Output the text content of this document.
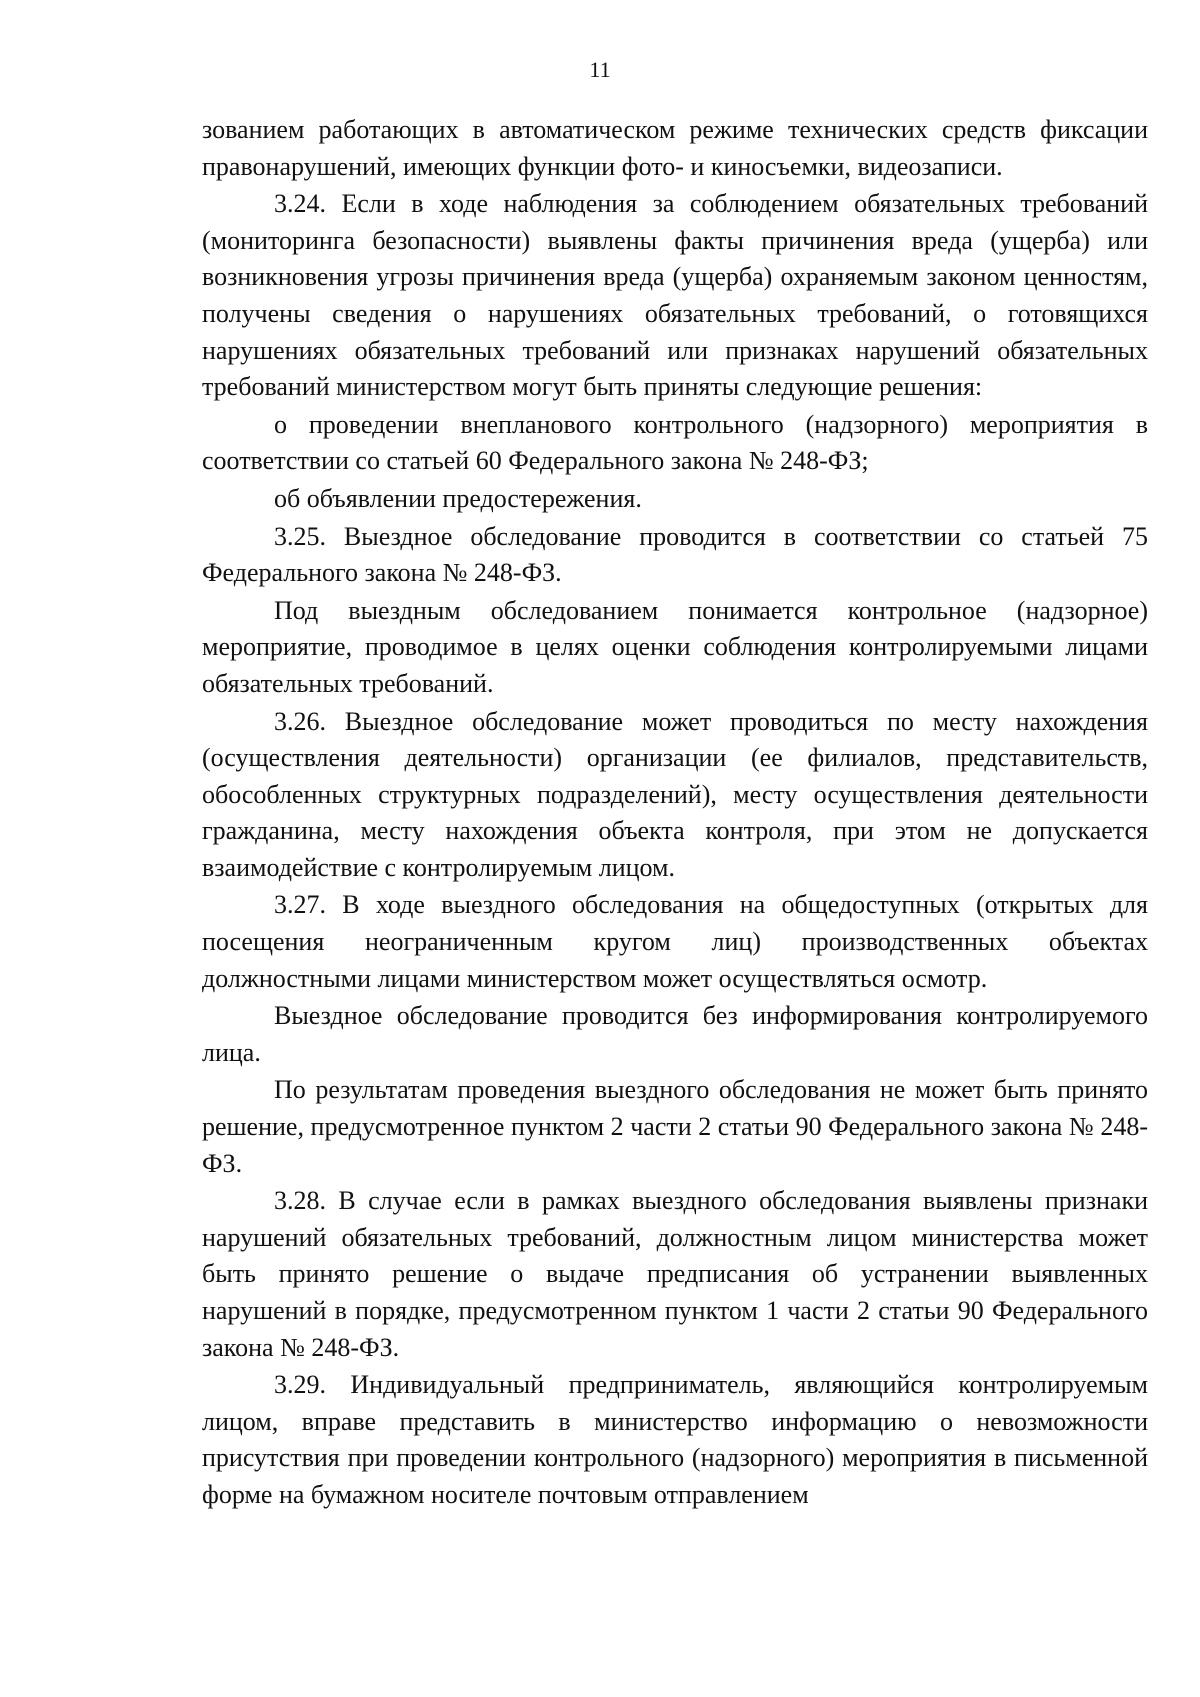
11

зованием работающих в автоматическом режиме технических средств фиксации правонарушений, имеющих функции фото- и киносъемки, видеозаписи.

3.24. Если в ходе наблюдения за соблюдением обязательных требований (мониторинга безопасности) выявлены факты причинения вреда (ущерба) или возникновения угрозы причинения вреда (ущерба) охраняемым законом ценностям, получены сведения о нарушениях обязательных требований, о готовящихся нарушениях обязательных требований или признаках нарушений обязательных требований министерством могут быть приняты следующие решения:

о проведении внепланового контрольного (надзорного) мероприятия в соответствии со статьей 60 Федерального закона № 248-ФЗ;

об объявлении предостережения.

3.25. Выездное обследование проводится в соответствии со статьей 75 Федерального закона № 248-ФЗ.

Под выездным обследованием понимается контрольное (надзорное) мероприятие, проводимое в целях оценки соблюдения контролируемыми лицами обязательных требований.

3.26. Выездное обследование может проводиться по месту нахождения (осуществления деятельности) организации (ее филиалов, представительств, обособленных структурных подразделений), месту осуществления деятельности гражданина, месту нахождения объекта контроля, при этом не допускается взаимодействие с контролируемым лицом.

3.27. В ходе выездного обследования на общедоступных (открытых для посещения неограниченным кругом лиц) производственных объектах должностными лицами министерством может осуществляться осмотр.

Выездное обследование проводится без информирования контролируемого лица.

По результатам проведения выездного обследования не может быть принято решение, предусмотренное пунктом 2 части 2 статьи 90 Федерального закона № 248-ФЗ.

3.28. В случае если в рамках выездного обследования выявлены признаки нарушений обязательных требований, должностным лицом министерства может быть принято решение о выдаче предписания об устранении выявленных нарушений в порядке, предусмотренном пунктом 1 части 2 статьи 90 Федерального закона № 248-ФЗ.

3.29. Индивидуальный предприниматель, являющийся контролируемым лицом, вправе представить в министерство информацию о невозможности присутствия при проведении контрольного (надзорного) мероприятия в письменной форме на бумажном носителе почтовым отправлением
